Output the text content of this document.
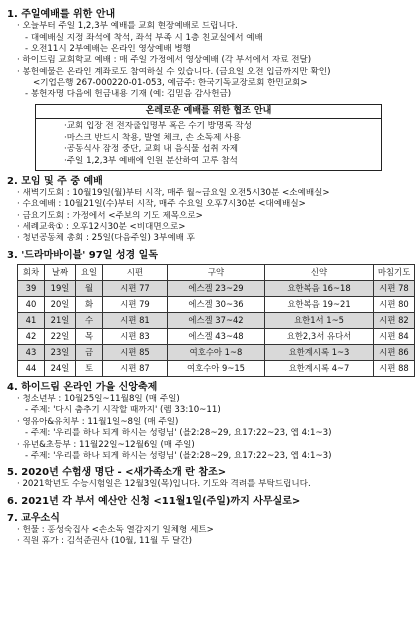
1. 주일예배를 위한 안내
· 오늘부터 주일 1,2,3부 예배를 교회 현장예배로 드립니다.
- 대예배실 지정 좌석에 착석, 좌석 부족 시 1층 친교실에서 예배
- 오전11시 2부예배는 온라인 영상예배 병행
· 하이드림 교회학교 예배 : 매 주일 가정에서 영상예배 (각 부서에서 자료 전달)
· 봉헌예물은 온라인 계좌로도 참여하실 수 있습니다. (금요일 오전 입금까지만 확인)
<기업은행 267-000220-01-053, 예금주: 한국기독교장로회 한민교회>
- 봉헌자명 다음에 헌금내용 기재 (예: 김믿음 감사헌금)
온레로운 예배를 위한 협조 안내
·교회 입장 전 전자출입명부 혹은 수기 방명록 작성
·마스크 반드시 착용, 발열 체크, 손 소독제 사용
·공동식사 잠정 중단, 교회 내 음식물 섭취 자제
·주일 1,2,3부 예배에 인원 분산하여 고루 참석
2. 모임 및 주 중 예배
· 새벽기도회 : 10월19일(월)부터 시작, 매주 월~금요일 오전5시30분 <소예배실>
· 수요예배 : 10월21일(수)부터 시작, 매주 수요일 오후7시30분 <대예배실>
· 금요기도회 : 가정에서 <주보의 기도 제목으로>
· 세례교육① : 오후12시30분 <비대면으로>
· 청년공동체 총회 : 25일(다음주일) 3부예배 후
3. '드라마바이블' 97일 성경 일독
회차	날짜	요일	시편	구약	신약	마침기도
39	19일	월	시편 77	에스겔 23~29	요한복음 16~18	시편 78
40	20일	화	시편 79	에스겔 30~36	요한복음 19~21	시편 80
41	21일	수	시편 81	에스겔 37~42	요한1서 1~5	시편 82
42	22일	목	시편 83	에스겔 43~48	요한2,3서 유다서	시편 84
43	23일	금	시편 85	여호수아 1~8	요한계시록 1~3	시편 86
44	24일	토	시편 87	여호수아 9~15	요한계시록 4~7	시편 88
4. 하이드림 온라인 가을 신앙축제
· 청소년부 : 10월25일~11월8일 (매 주일)
- 주제: '다시 춤추기 시작할 때까지' (렘 33:10~11)
· 영유아&유치부 : 11월1일~8일 (매 주일)
- 주제: '우리를 하나 되게 하시는 성령님' (욜2:28~29, 요17:22~23, 엡 4:1~3)
· 유년&초등부 : 11월22일~12월6일 (매 주일)
- 주제: '우리를 하나 되게 하시는 성령님' (욜2:28~29, 요17:22~23, 엡 4:1~3)
5. 2020년 수험생 명단 - <새가족소개 란 참조>
· 2021학년도 수능시험일은 12월3일(목)입니다. 기도와 격려를 부탁드립니다.
6. 2021년 각 부서 예산안 신청 <11월1일(주일)까지 사무실로>
7. 교우소식
· 헌물 : 홍성숙집사 <손소독 열감지기 일체형 세트>
· 직원 휴가 : 김석준권사 (10월, 11월 두 달간)
